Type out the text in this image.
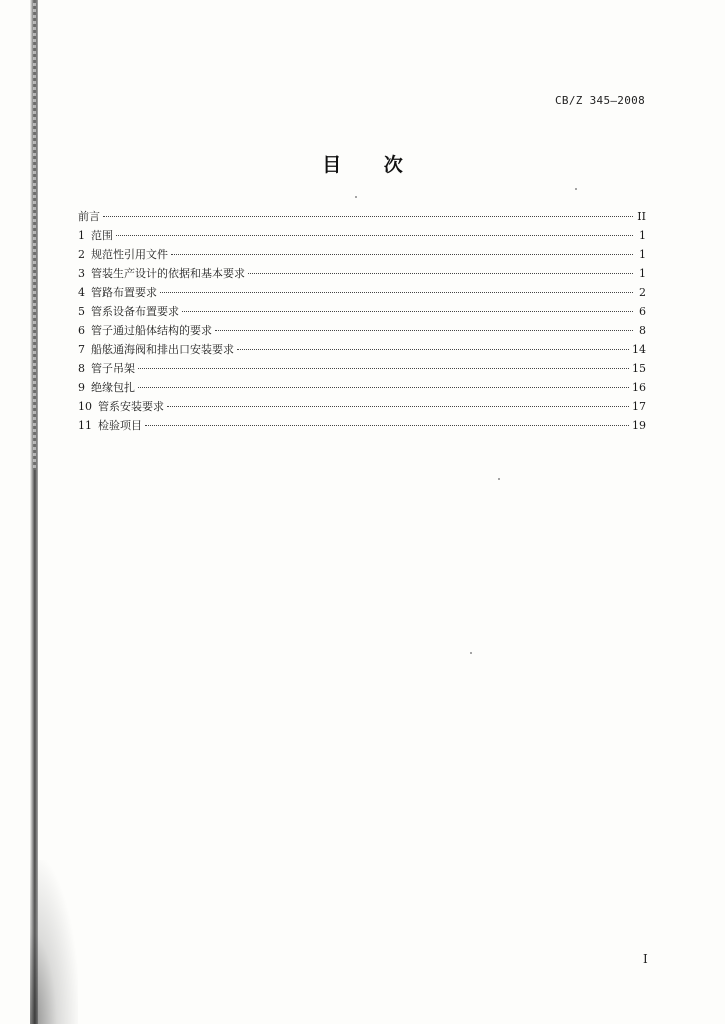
CB/Z 345—2008
目 次
前言	II
1 范围	1
2 规范性引用文件	1
3 管装生产设计的依据和基本要求	1
4 管路布置要求	2
5 管系设备布置要求	6
6 管子通过船体结构的要求	8
7 船舷通海阀和排出口安装要求	14
8 管子吊架	15
9 绝缘包扎	16
10 管系安装要求	17
11 检验项目	19
I
